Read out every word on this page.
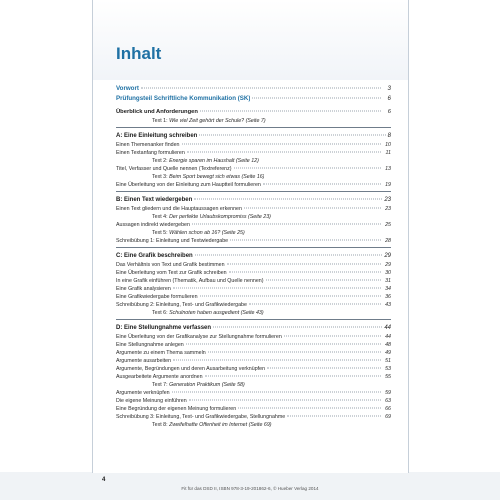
Inhalt
Vorwort	3
Prüfungsteil Schriftliche Kommunikation (SK)	6
Überblick und Anforderungen	6
Text 1: Wie viel Zeit gehört der Schule? (Seite 7)
A: Eine Einleitung schreiben	8
Einen Themenanker finden	10
Einen Textanfang formulieren	11
Text 2: Energie sparen im Haushalt (Seite 12)
Titel, Verfasser und Quelle nennen (Textreferenz)	13
Text 3: Beim Sport bewegt sich etwas (Seite 16)
Eine Überleitung von der Einleitung zum Hauptteil formulieren	19
B: Einen Text wiedergeben	23
Einen Text gliedern und die Hauptaussagen erkennen	23
Text 4: Der perfekte Urlaubskompromiss (Seite 23)
Aussagen indirekt wiedergeben	25
Text 5: Wählen schon ab 16? (Seite 25)
Schreibübung 1: Einleitung und Textwiedergabe	28
C: Eine Grafik beschreiben	29
Das Verhältnis von Text und Grafik bestimmen	29
Eine Überleitung vom Text zur Grafik schreiben	30
In eine Grafik einführen (Thematik, Aufbau und Quelle nennen)	31
Eine Grafik analysieren	34
Eine Grafikwiedergabe formulieren	36
Schreibübung 2: Einleitung, Text- und Grafikwiedergabe	43
Text 6: Schulnoten haben ausgedient (Seite 43)
D: Eine Stellungnahme verfassen	44
Eine Überleitung von der Grafikanalyse zur Stellungnahme formulieren	44
Eine Stellungnahme anlegen	48
Argumente zu einem Thema sammeln	49
Argumente ausarbeiten	51
Argumente, Begründungen und deren Ausarbeitung verknüpfen	53
Ausgearbeitete Argumente anordnen	55
Text 7: Generation Praktikum (Seite 58)
Argumente verknüpfen	59
Die eigene Meinung einführen	63
Eine Begründung der eigenen Meinung formulieren	66
Schreibübung 3: Einleitung, Text- und Grafikwiedergabe, Stellungnahme	69
Text 8: Zweifelhafte Offenheit im Internet (Seite 69)
4
Fit für das DSD II, ISBN 978-3-19-201862-6, © Hueber Verlag 2014
